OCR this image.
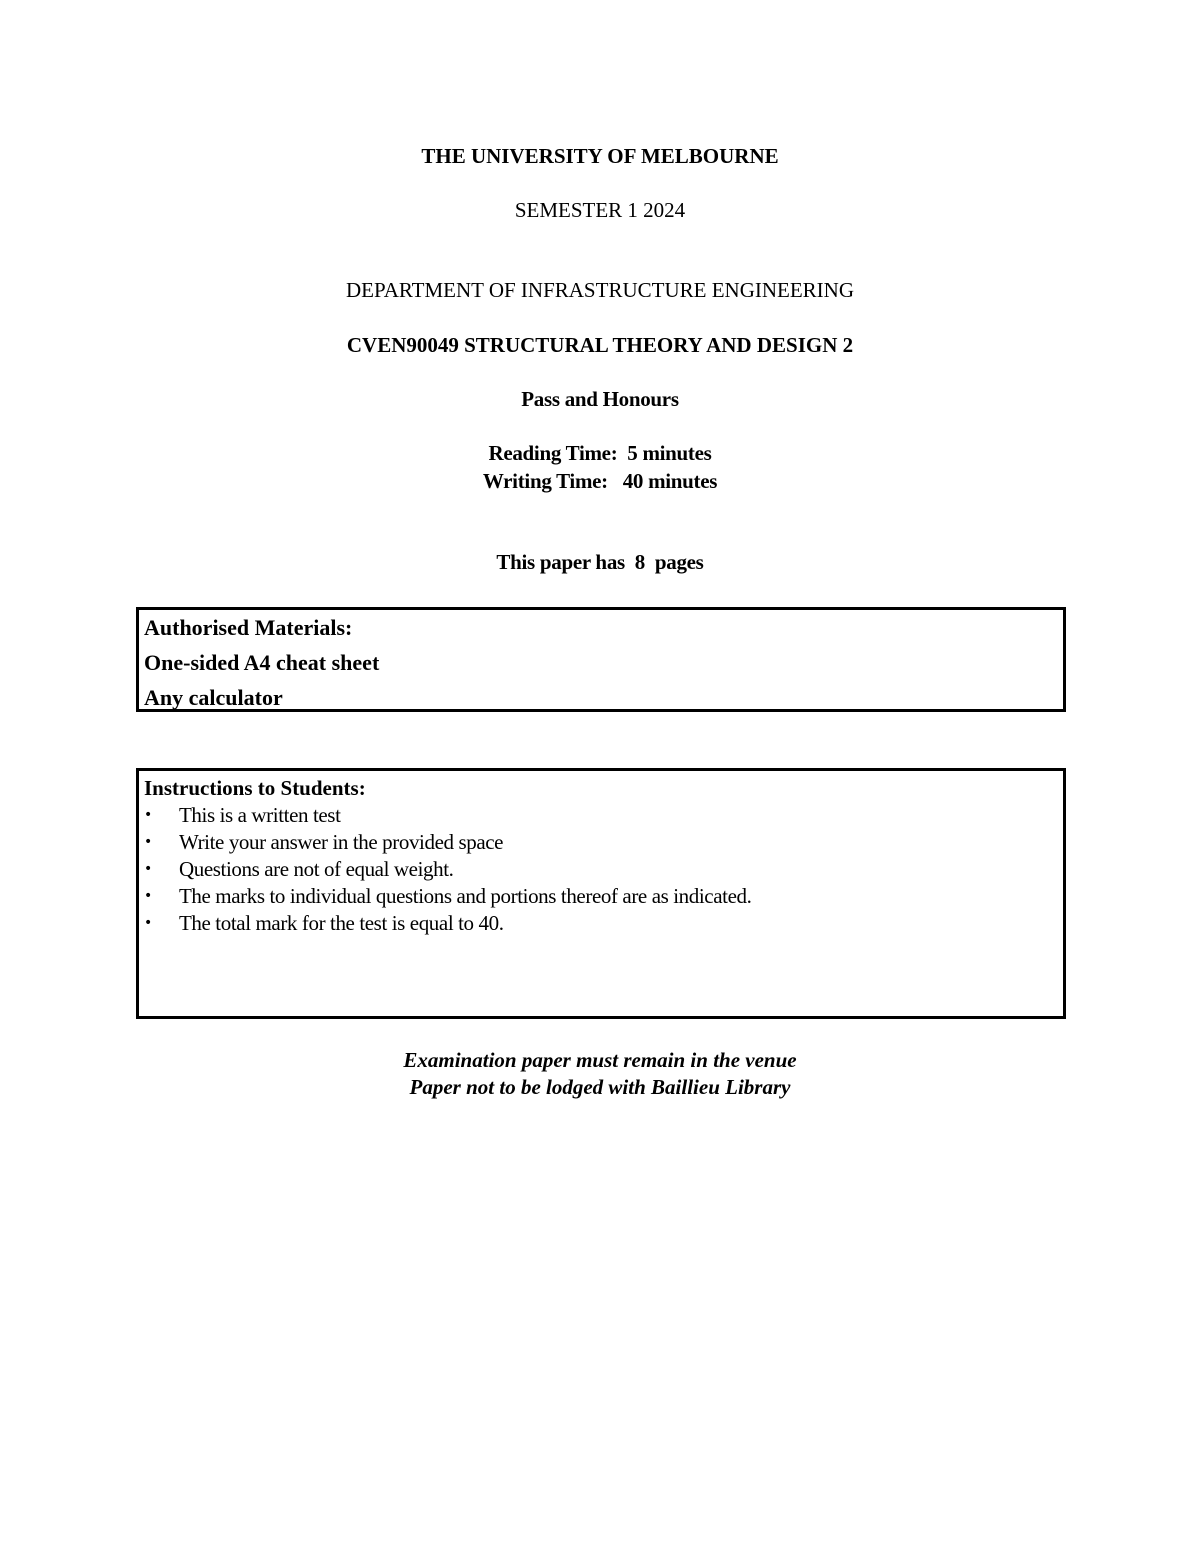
THE UNIVERSITY OF MELBOURNE
SEMESTER 1 2024
DEPARTMENT OF INFRASTRUCTURE ENGINEERING
CVEN90049 STRUCTURAL THEORY AND DESIGN 2
Pass and Honours
Reading Time:  5 minutes
Writing Time:   40 minutes
This paper has  8  pages
Authorised Materials:
One-sided A4 cheat sheet
Any calculator
Instructions to Students:
• This is a written test
• Write your answer in the provided space
• Questions are not of equal weight.
• The marks to individual questions and portions thereof are as indicated.
• The total mark for the test is equal to 40.
Examination paper must remain in the venue
Paper not to be lodged with Baillieu Library
